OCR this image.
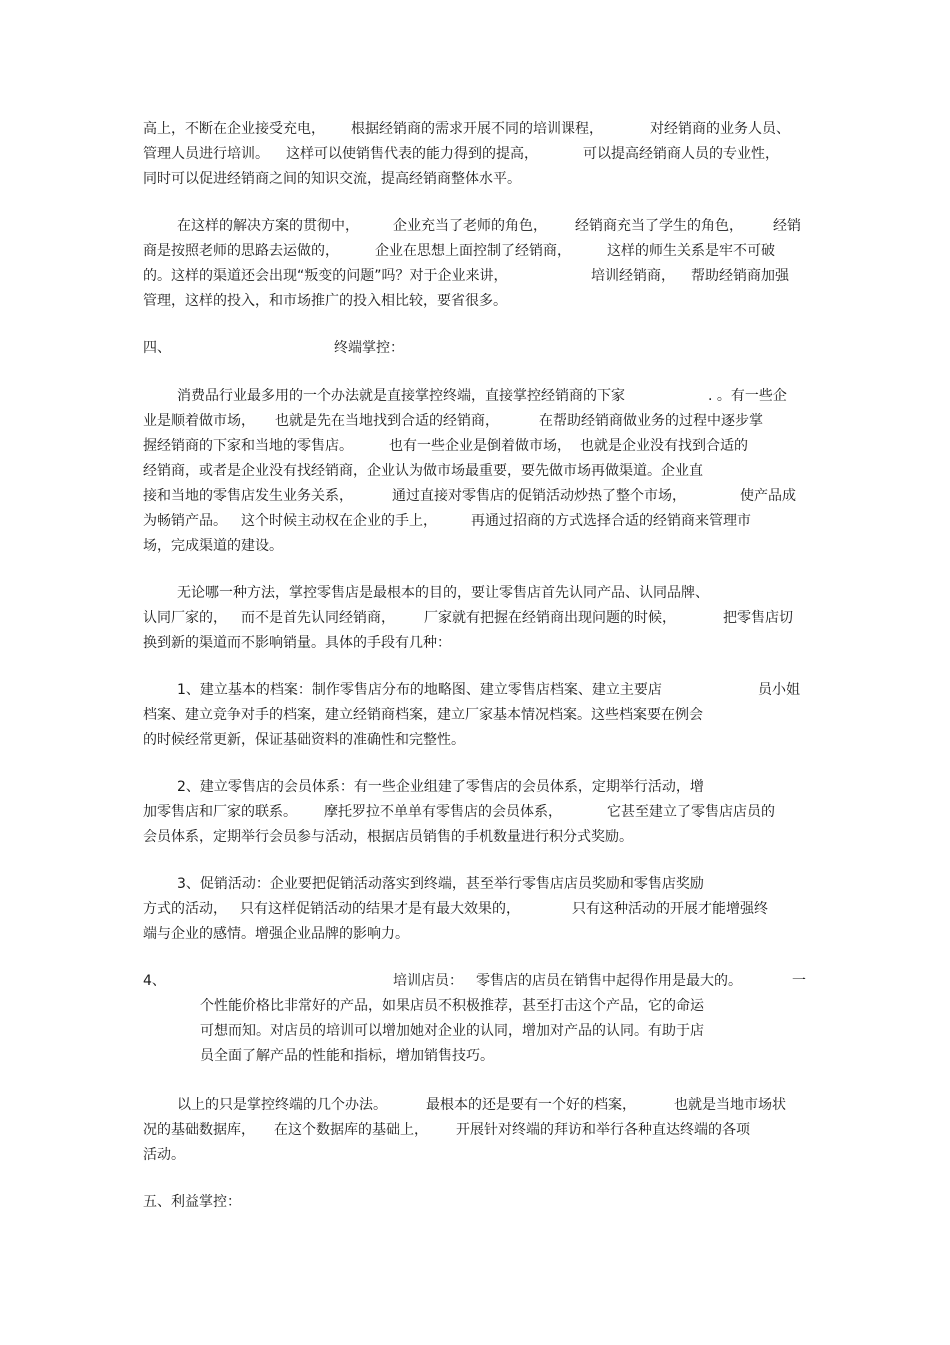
高上，不断在企业接受充电， 根据经销商的需求开展不同的培训课程，	对经销商的业务人员、
管理人员进行培训。 这样可以使销售代表的能力得到的提高，	可以提高经销商人员的专业性，
同时可以促进经销商之间的知识交流，提高经销商整体水平。
在这样的解决方案的贯彻中， 企业充当了老师的角色， 经销商充当了学生的角色， 经销
商是按照老师的思路去运做的，	企业在思想上面控制了经销商，	这样的师生关系是牢不可破
的。这样的渠道还会出现“叛变的问题”吗？对于企业来讲，	培训经销商， 帮助经销商加强
管理，这样的投入，和市场推广的投入相比较，要省很多。
四、	终端掌控：
消费品行业最多用的一个办法就是直接掌控终端，直接掌控经销商的下家	. 。有一些企
业是顺着做市场， 也就是先在当地找到合适的经销商，	在帮助经销商做业务的过程中逐步掌
握经销商的下家和当地的零售店。	也有一些企业是倒着做市场， 也就是企业没有找到合适的
经销商，或者是企业没有找经销商，企业认为做市场最重要，要先做市场再做渠道。企业直
接和当地的零售店发生业务关系，	通过直接对零售店的促销活动炒热了整个市场，	使产品成
为畅销产品。 这个时候主动权在企业的手上， 再通过招商的方式选择合适的经销商来管理市
场，完成渠道的建设。
无论哪一种方法，掌控零售店是最根本的目的，要让零售店首先认同产品、认同品牌、
认同厂家的， 而不是首先认同经销商， 厂家就有把握在经销商出现问题的时候，	把零售店切
换到新的渠道而不影响销量。具体的手段有几种：
1、建立基本的档案：制作零售店分布的地略图、建立零售店档案、建立主要店	员小姐
档案、建立竞争对手的档案，建立经销商档案，建立厂家基本情况档案。这些档案要在例会
的时候经常更新，保证基础资料的准确性和完整性。
2、建立零售店的会员体系：有一些企业组建了零售店的会员体系，定期举行活动，增
加零售店和厂家的联系。 摩托罗拉不单单有零售店的会员体系，	它甚至建立了零售店店员的
会员体系，定期举行会员参与活动，根据店员销售的手机数量进行积分式奖励。
3、促销活动：企业要把促销活动落实到终端，甚至举行零售店店员奖励和零售店奖励
方式的活动， 只有这样促销活动的结果才是有最大效果的，	只有这种活动的开展才能增强终
端与企业的感情。增强企业品牌的影响力。
4、	培训店员： 零售店的店员在销售中起得作用是最大的。	一
个性能价格比非常好的产品，如果店员不积极推荐，甚至打击这个产品，它的命运
可想而知。对店员的培训可以增加她对企业的认同，增加对产品的认同。有助于店
员全面了解产品的性能和指标，增加销售技巧。
以上的只是掌控终端的几个办法。	最根本的还是要有一个好的档案，	也就是当地市场状
况的基础数据库， 在这个数据库的基础上， 开展针对终端的拜访和举行各种直达终端的各项
活动。
五、利益掌控：
